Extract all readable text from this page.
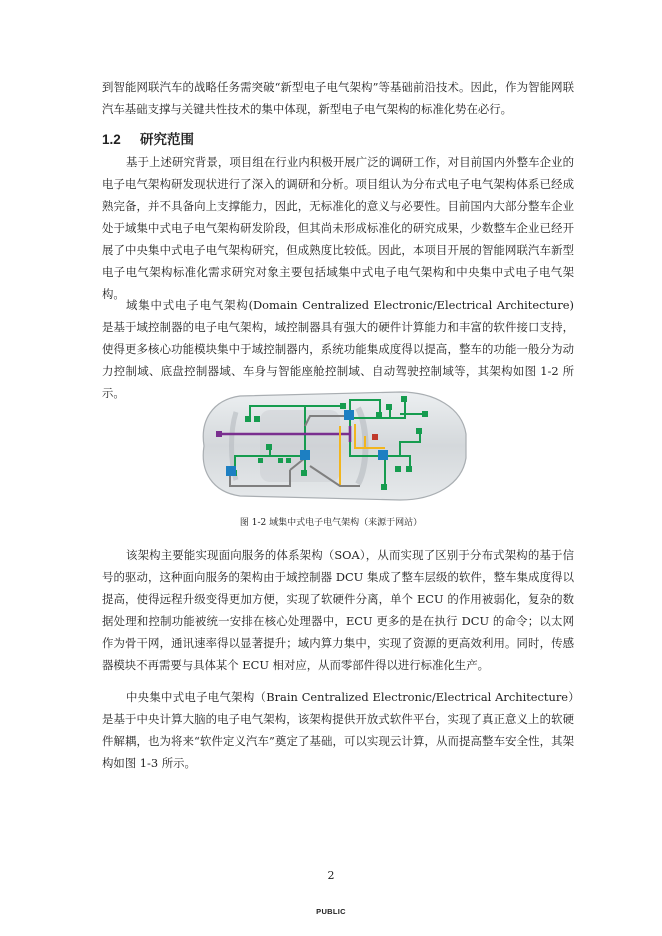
到智能网联汽车的战略任务需突破“新型电子电气架构”等基础前沿技术。因此，作为智能网联汽车基础支撑与关键共性技术的集中体现，新型电子电气架构的标准化势在必行。

1.2 研究范围

基于上述研究背景，项目组在行业内积极开展广泛的调研工作，对目前国内外整车企业的电子电气架构研发现状进行了深入的调研和分析。项目组认为分布式电子电气架构体系已经成熟完备，并不具备向上支撑能力，因此，无标准化的意义与必要性。目前国内大部分整车企业处于域集中式电子电气架构研发阶段，但其尚未形成标准化的研究成果，少数整车企业已经开展了中央集中式电子电气架构研究，但成熟度比较低。因此，本项目开展的智能网联汽车新型电子电气架构标准化需求研究对象主要包括域集中式电子电气架构和中央集中式电子电气架构。

域集中式电子电气架构(Domain Centralized Electronic/Electrical Architecture)是基于域控制器的电子电气架构，域控制器具有强大的硬件计算能力和丰富的软件接口支持，使得更多核心功能模块集中于域控制器内，系统功能集成度得以提高，整车的功能一般分为动力控制域、底盘控制器域、车身与智能座舱控制域、自动驾驶控制域等，其架构如图 1-2 所示。

图 1-2 域集中式电子电气架构（来源于网站）

该架构主要能实现面向服务的体系架构（SOA），从而实现了区别于分布式架构的基于信号的驱动，这种面向服务的架构由于域控制器 DCU 集成了整车层级的软件，整车集成度得以提高，使得远程升级变得更加方便，实现了软硬件分离，单个 ECU 的作用被弱化，复杂的数据处理和控制功能被统一安排在核心处理器中，ECU 更多的是在执行 DCU 的命令；以太网作为骨干网，通讯速率得以显著提升；域内算力集中，实现了资源的更高效利用。同时，传感器模块不再需要与具体某个 ECU 相对应，从而零部件得以进行标准化生产。

中央集中式电子电气架构（Brain Centralized Electronic/Electrical Architecture）是基于中央计算大脑的电子电气架构，该架构提供开放式软件平台，实现了真正意义上的软硬件解耦，也为将来“软件定义汽车”奠定了基础，可以实现云计算，从而提高整车安全性，其架构如图 1-3 所示。

2

PUBLIC
